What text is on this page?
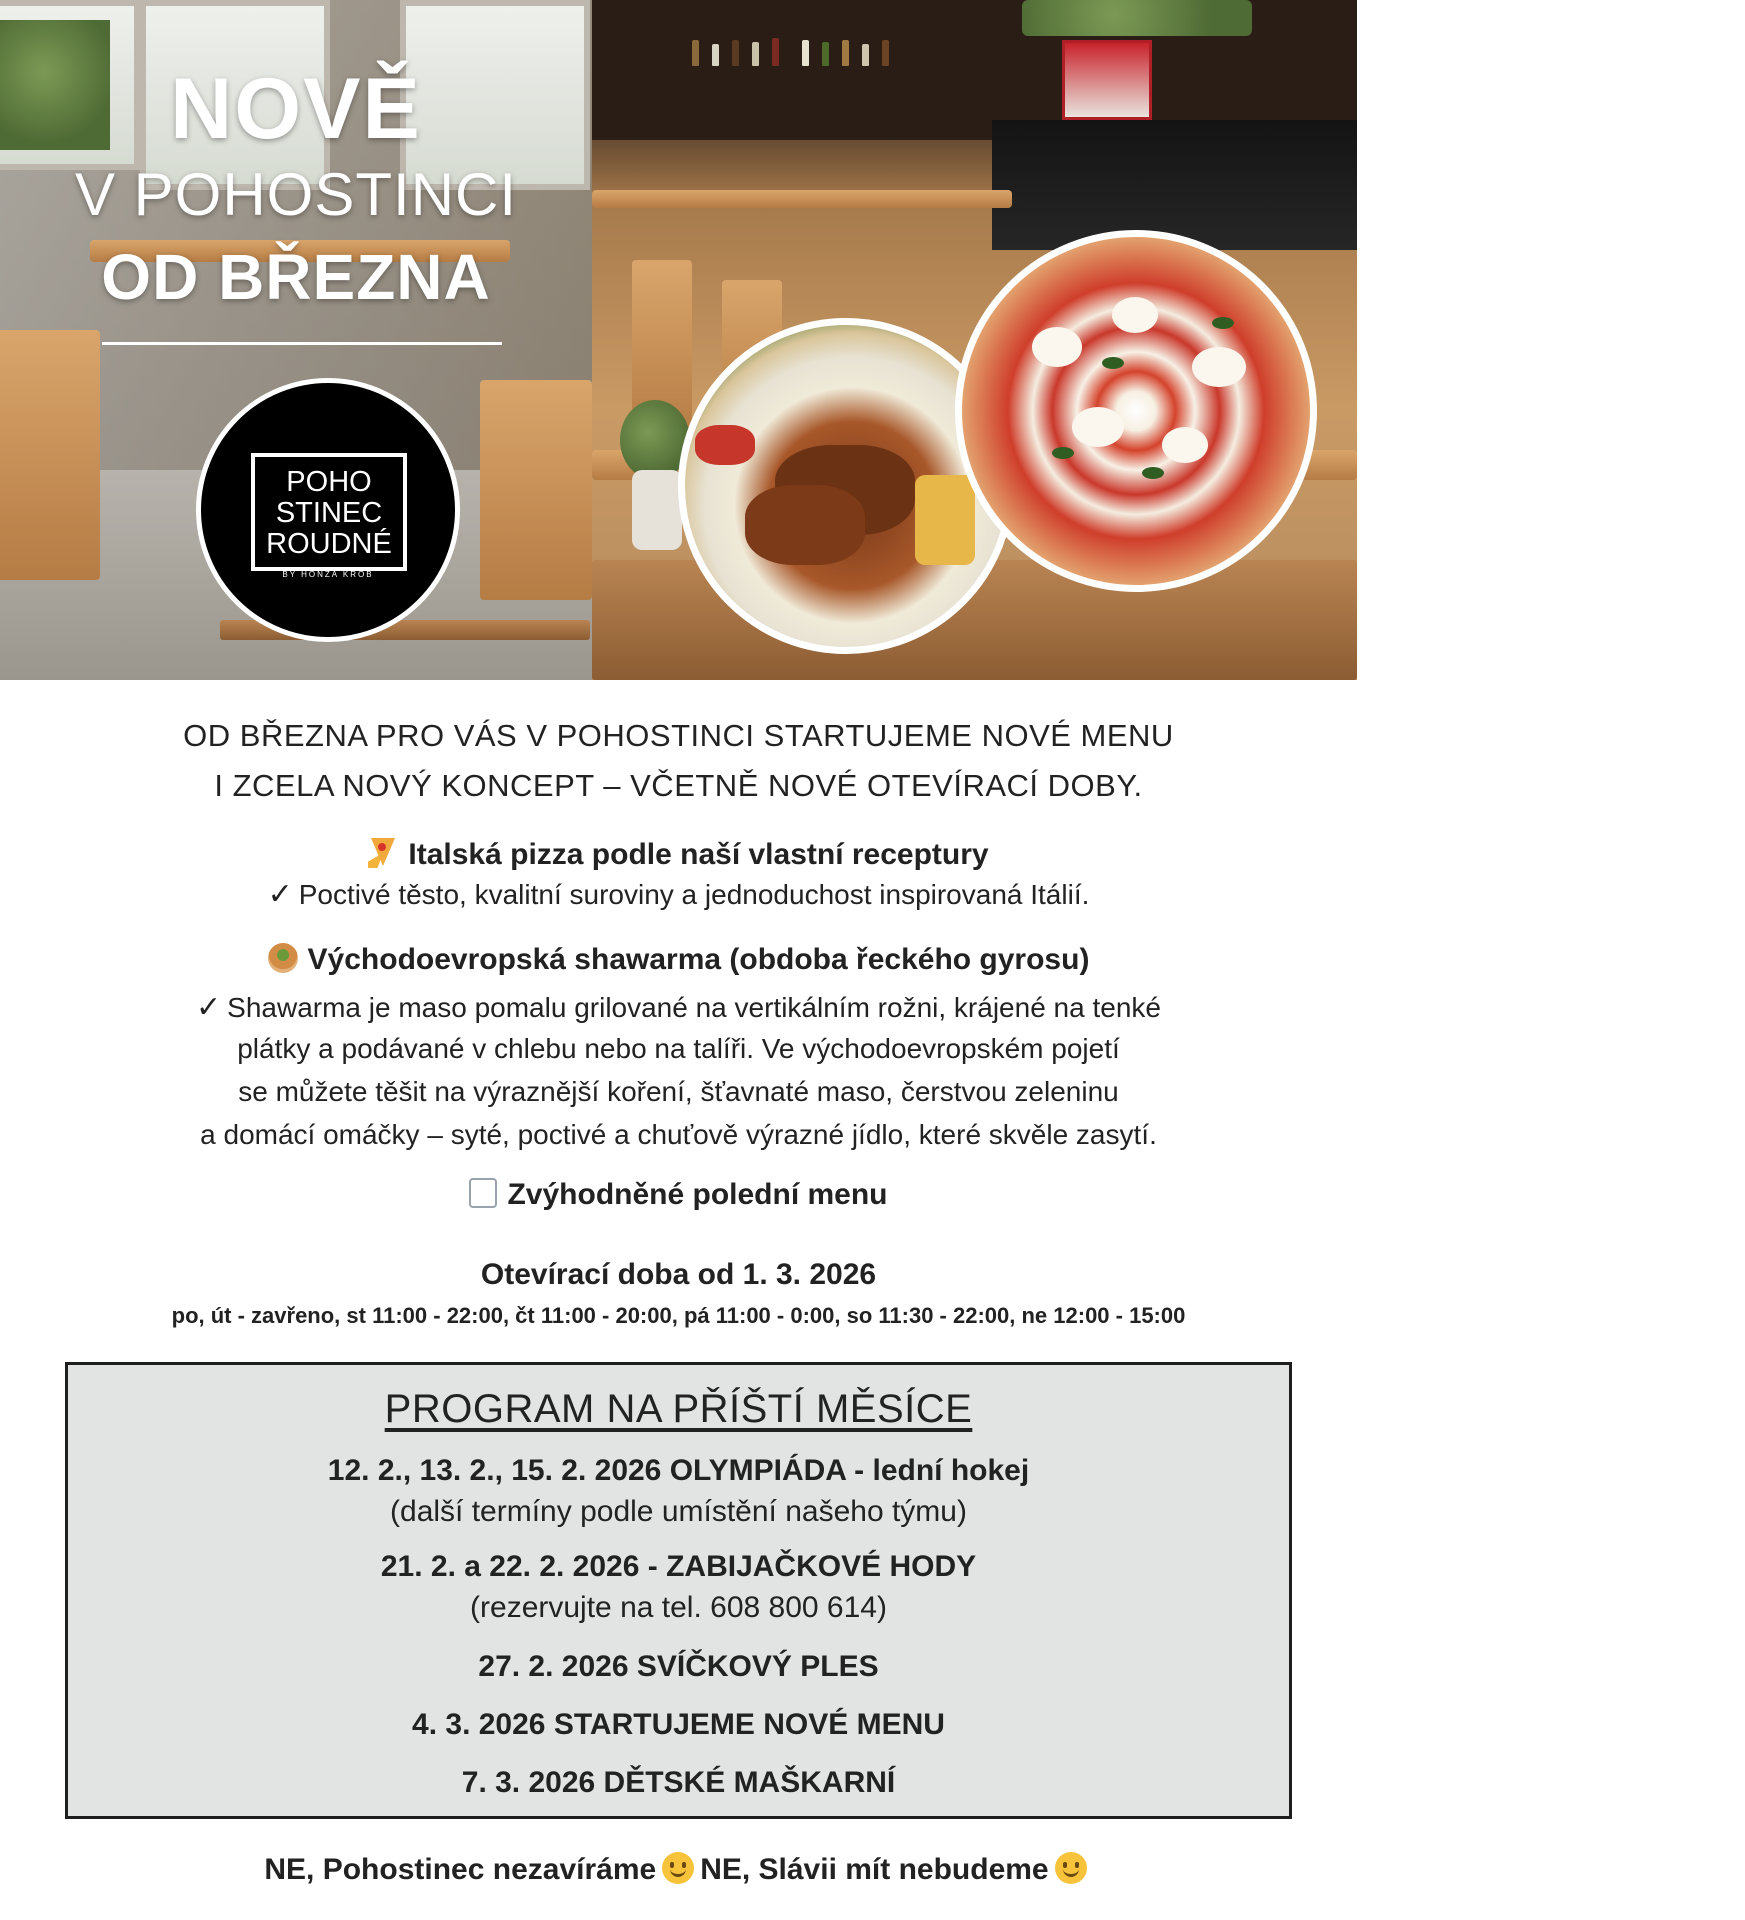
NOVĚ
V POHOSTINCI
OD BŘEZNA
POHO
STINEC
ROUDNÉ
BY HONZA KROB
POHO
STINEC
ROUDNÉ
OD BŘEZNA PRO VÁS V POHOSTINCI STARTUJEME NOVÉ MENU
I ZCELA NOVÝ KONCEPT – VČETNĚ NOVÉ OTEVÍRACÍ DOBY.
Italská pizza podle naší vlastní receptury
✓ Poctivé těsto, kvalitní suroviny a jednoduchost inspirovaná Itálií.
Východoevropská shawarma (obdoba řeckého gyrosu)
✓ Shawarma je maso pomalu grilované na vertikálním rožni, krájené na tenké
plátky a podávané v chlebu nebo na talíři. Ve východoevropském pojetí
se můžete těšit na výraznější koření, šťavnaté maso, čerstvou zeleninu
a domácí omáčky – syté, poctivé a chuťově výrazné jídlo, které skvěle zasytí.
Zvýhodněné polední menu
Otevírací doba od 1. 3. 2026
po, út - zavřeno, st 11:00 - 22:00, čt 11:00 - 20:00, pá 11:00 - 0:00, so 11:30 - 22:00, ne 12:00 - 15:00
PROGRAM NA PŘÍŠTÍ MĚSÍCE
12. 2., 13. 2., 15. 2. 2026 OLYMPIÁDA - lední hokej
(další termíny podle umístění našeho týmu)
21. 2. a 22. 2. 2026 - ZABIJAČKOVÉ HODY
(rezervujte na tel. 608 800 614)
27. 2. 2026 SVÍČKOVÝ PLES
4. 3. 2026 STARTUJEME NOVÉ MENU
7. 3. 2026 DĚTSKÉ MAŠKARNÍ
NE, Pohostinec nezavíráme NE, Slávii mít nebudeme
